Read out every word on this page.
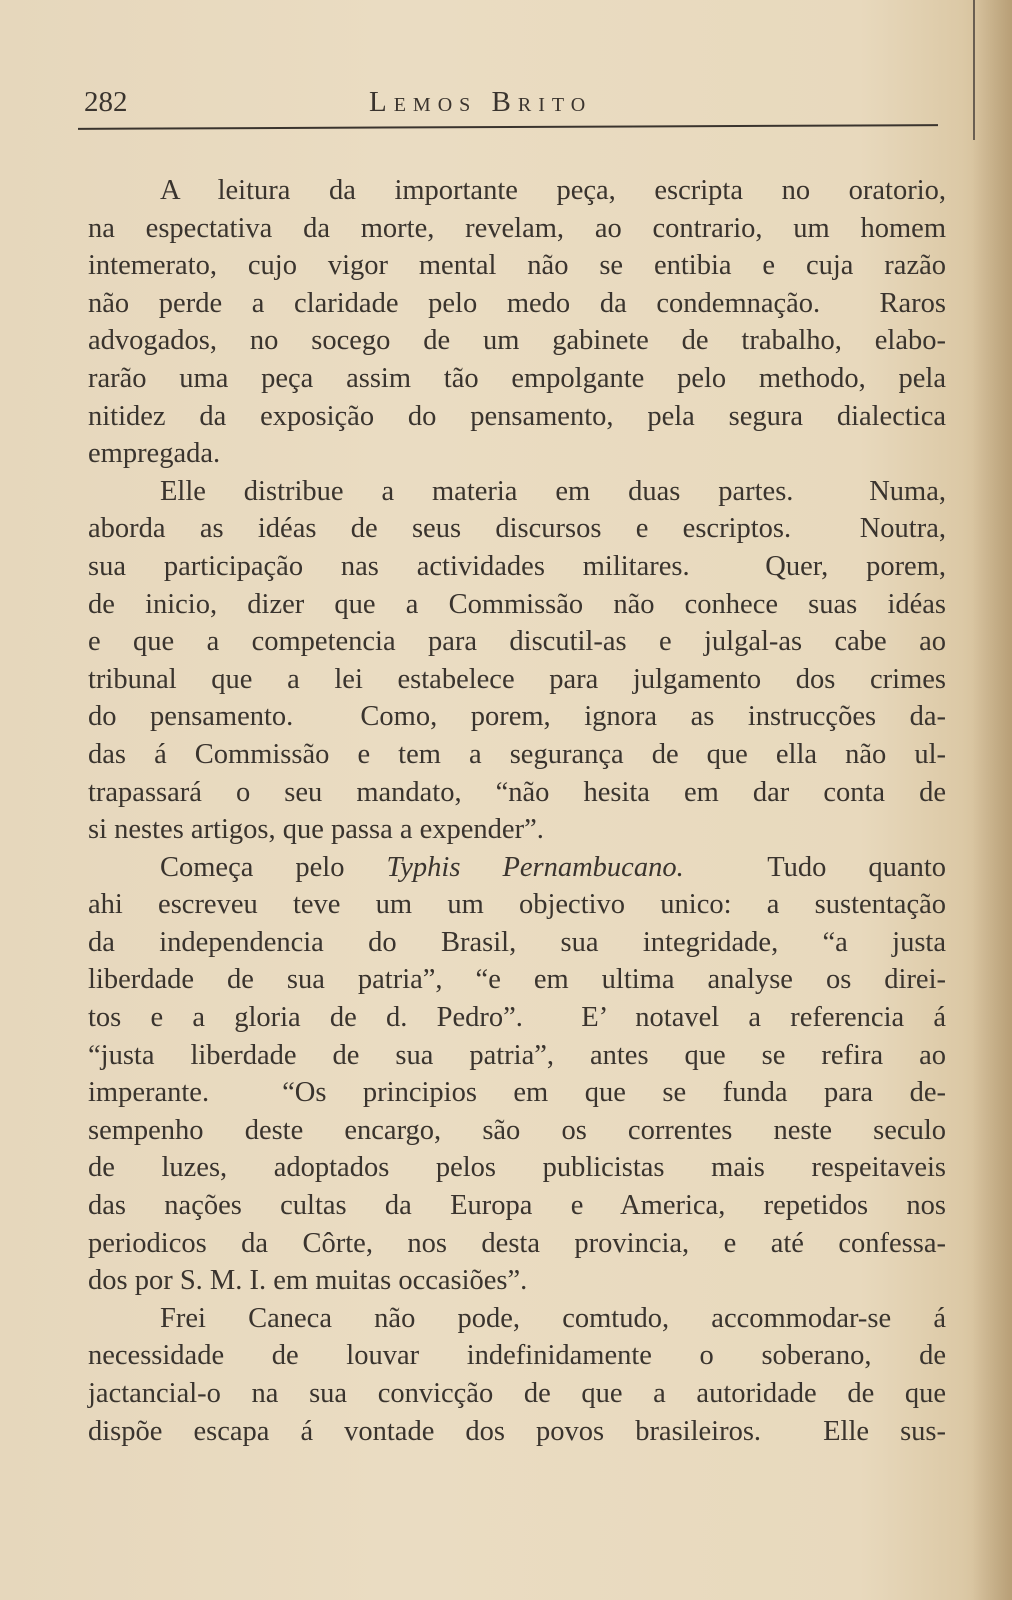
282	Lemos Brito
A leitura da importante peça, escripta no oratorio,
na espectativa da morte, revelam, ao contrario, um homem
intemerato, cujo vigor mental não se entibia e cuja razão
não perde a claridade pelo medo da condemnação.  Raros
advogados, no socego de um gabinete de trabalho, elabo-
rarão uma peça assim tão empolgante pelo methodo, pela
nitidez da exposição do pensamento, pela segura dialectica
empregada.
Elle distribue a materia em duas partes.  Numa,
aborda as idéas de seus discursos e escriptos.  Noutra,
sua participação nas actividades militares.  Quer, porem,
de inicio, dizer que a Commissão não conhece suas idéas
e que a competencia para discutil-as e julgal-as cabe ao
tribunal que a lei estabelece para julgamento dos crimes
do pensamento.  Como, porem, ignora as instrucções da-
das á Commissão e tem a segurança de que ella não ul-
trapassará o seu mandato, “não hesita em dar conta de
si nestes artigos, que passa a expender”.
Começa pelo Typhis Pernambucano.  Tudo quanto
ahi escreveu teve um um objectivo unico: a sustentação
da independencia do Brasil, sua integridade, “a justa
liberdade de sua patria”, “e em ultima analyse os direi-
tos e a gloria de d. Pedro”.  E’ notavel a referencia á
“justa liberdade de sua patria”, antes que se refira ao
imperante.  “Os principios em que se funda para de-
sempenho deste encargo, são os correntes neste seculo
de luzes, adoptados pelos publicistas mais respeitaveis
das nações cultas da Europa e America, repetidos nos
periodicos da Côrte, nos desta provincia, e até confessa-
dos por S. M. I. em muitas occasiões”.
Frei Caneca não pode, comtudo, accommodar-se á
necessidade de louvar indefinidamente o soberano, de
jactancial-o na sua convicção de que a autoridade de que
dispõe escapa á vontade dos povos brasileiros.  Elle sus-
